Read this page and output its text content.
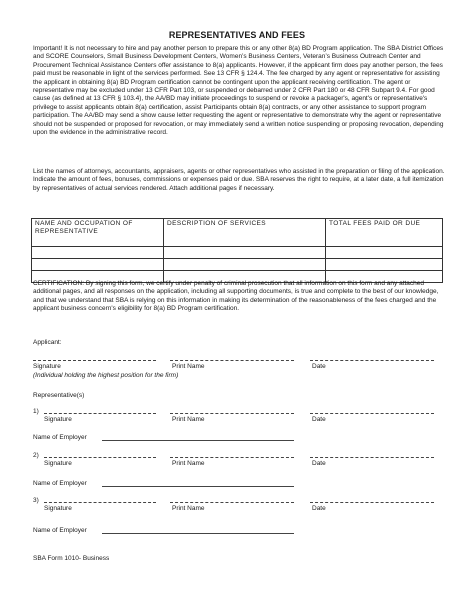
REPRESENTATIVES AND FEES

Important! It is not necessary to hire and pay another person to prepare this or any other 8(a) BD Program application. The SBA District Offices and SCORE Counselors, Small Business Development Centers, Women’s Business Centers, Veteran’s Business Outreach Center and Procurement Technical Assistance Centers offer assistance to 8(a) applicants. However, if the applicant firm does pay another person, the fees paid must be reasonable in light of the services performed. See 13 CFR § 124.4. The fee charged by any agent or representative for assisting the applicant in obtaining 8(a) BD Program certification cannot be contingent upon the applicant receiving certification. The agent or representative may be excluded under 13 CFR Part 103, or suspended or debarred under 2 CFR Part 180 or 48 CFR Subpart 9.4. For good cause (as defined at 13 CFR § 103.4), the AA/BD may initiate proceedings to suspend or revoke a packager's, agent's or representative's privilege to assist applicants obtain 8(a) certification, assist Participants obtain 8(a) contracts, or any other assistance to support program participation. The AA/BD may send a show cause letter requesting the agent or representative to demonstrate why the agent or representative should not be suspended or proposed for revocation, or may immediately send a written notice suspending or proposing revocation, depending upon the evidence in the administrative record.

List the names of attorneys, accountants, appraisers, agents or other representatives who assisted in the preparation or filing of the application. Indicate the amount of fees, bonuses, commissions or expenses paid or due. SBA reserves the right to require, at a later date, a full itemization by representatives of actual services rendered. Attach additional pages if necessary.

NAME AND OCCUPATION OF REPRESENTATIVE	DESCRIPTION OF SERVICES	TOTAL FEES PAID OR DUE

CERTIFICATION: By signing this form, we certify under penalty of criminal prosecution that all information on this form and any attached additional pages, and all responses on the application, including all supporting documents, is true and complete to the best of our knowledge, and that we understand that SBA is relying on this information in making its determination of the reasonableness of the fees charged and the applicant business concern's eligibility for 8(a) BD Program certification.

Applicant:
Signature	Print Name	Date
(Individual holding the highest position for the firm)
Representative(s)
1)
Signature	Print Name	Date
Name of Employer
2)
Signature	Print Name	Date
Name of Employer
3)
Signature	Print Name	Date
Name of Employer
SBA Form 1010- Business
